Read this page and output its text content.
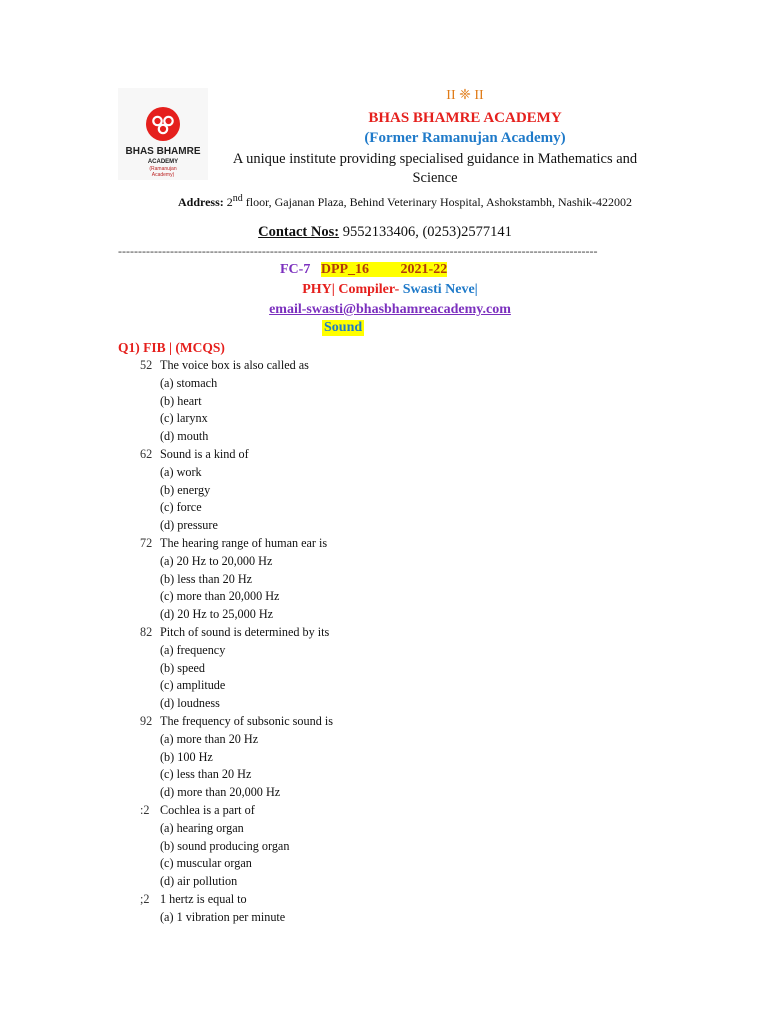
BHAS BHAMRE
ACADEMY
(Ramanujan
Academy)
II ❈ II
BHAS BHAMRE ACADEMY
(Former Ramanujan Academy)
A unique institute providing specialised guidance in Mathematics and Science
Address: 2nd floor, Gajanan Plaza, Behind Veterinary Hospital, Ashokstambh, Nashik-422002
Contact Nos: 9552133406, (0253)2577141
------------------------------------------------------------------------------------------------------------------------
FC-7 DPP_16 2021-22
PHY| Compiler- Swasti Neve|
email-swasti@bhasbhamreacademy.com
Sound
Q1) FIB | (MCQS)
52 The voice box is also called as
(a) stomach
(b) heart
(c) larynx
(d) mouth
62 Sound is a kind of
(a) work
(b) energy
(c) force
(d) pressure
72 The hearing range of human ear is
(a) 20 Hz to 20,000 Hz
(b) less than 20 Hz
(c) more than 20,000 Hz
(d) 20 Hz to 25,000 Hz
82 Pitch of sound is determined by its
(a) frequency
(b) speed
(c) amplitude
(d) loudness
92 The frequency of subsonic sound is
(a) more than 20 Hz
(b) 100 Hz
(c) less than 20 Hz
(d) more than 20,000 Hz
:2 Cochlea is a part of
(a) hearing organ
(b) sound producing organ
(c) muscular organ
(d) air pollution
;2 1 hertz is equal to
(a) 1 vibration per minute
